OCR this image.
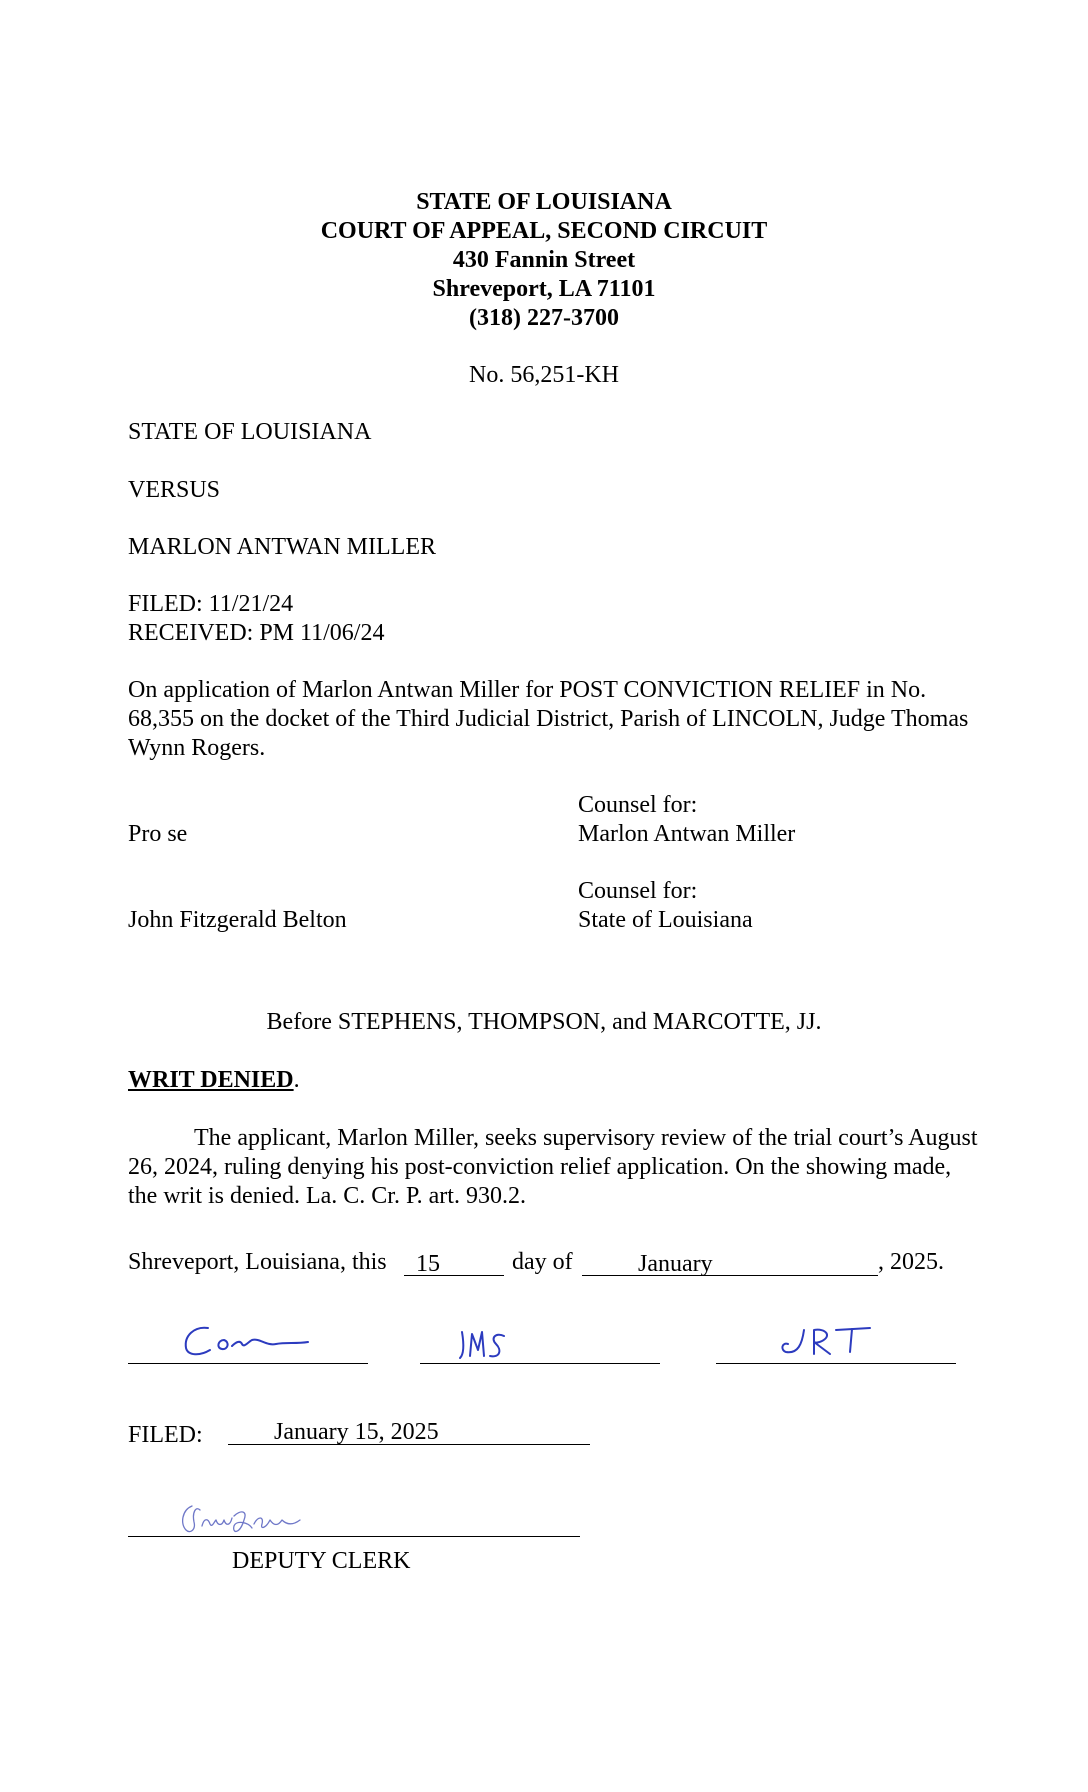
STATE OF LOUISIANA
COURT OF APPEAL, SECOND CIRCUIT
430 Fannin Street
Shreveport, LA 71101
(318) 227-3700
No. 56,251-KH
STATE OF LOUISIANA
VERSUS
MARLON ANTWAN MILLER
FILED: 11/21/24
RECEIVED: PM 11/06/24
On application of Marlon Antwan Miller for POST CONVICTION RELIEF in No. 68,355 on the docket of the Third Judicial District, Parish of LINCOLN, Judge Thomas Wynn Rogers.
Counsel for:
Pro se	Marlon Antwan Miller
Counsel for:
John Fitzgerald Belton	State of Louisiana
Before STEPHENS, THOMPSON, and MARCOTTE, JJ.
WRIT DENIED.
The applicant, Marlon Miller, seeks supervisory review of the trial court’s August 26, 2024, ruling denying his post-conviction relief application. On the showing made, the writ is denied. La. C. Cr. P. art. 930.2.
Shreveport, Louisiana, this 15	day of	January	, 2025.
FILED:	January 15, 2025
DEPUTY CLERK
